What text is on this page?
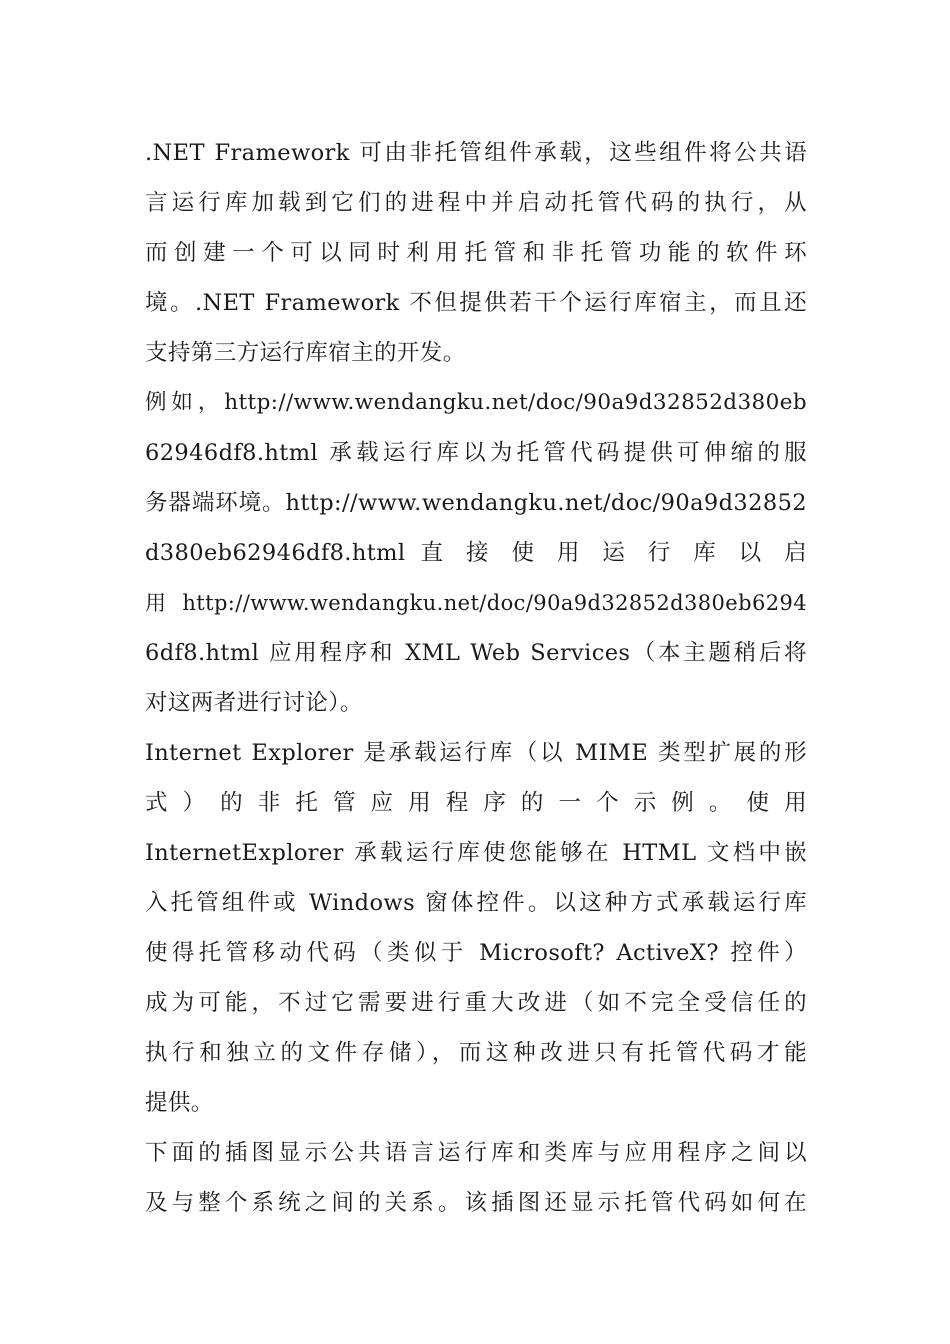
.NET Framework 可由非托管组件承载，这些组件将公共语
言运行库加载到它们的进程中并启动托管代码的执行，从
而创建一个可以同时利用托管和非托管功能的软件环
境。.NET Framework 不但提供若干个运行库宿主，而且还
支持第三方运行库宿主的开发。
例如，http://www.wendangku.net/doc/90a9d32852d380eb
62946df8.html 承载运行库以为托管代码提供可伸缩的服
务器端环境。http://www.wendangku.net/doc/90a9d32852
d380eb62946df8.html 直 接 使 用 运 行 库 以 启
用 http://www.wendangku.net/doc/90a9d32852d380eb6294
6df8.html 应用程序和 XML Web Services（本主题稍后将
对这两者进行讨论）。
Internet Explorer 是承载运行库（以 MIME 类型扩展的形
式 ） 的 非 托 管 应 用 程 序 的 一 个 示 例 。 使 用
InternetExplorer 承载运行库使您能够在 HTML 文档中嵌
入托管组件或 Windows 窗体控件。以这种方式承载运行库
使得托管移动代码（类似于 Microsoft? ActiveX? 控件）
成为可能，不过它需要进行重大改进（如不完全受信任的
执行和独立的文件存储），而这种改进只有托管代码才能
提供。
下面的插图显示公共语言运行库和类库与应用程序之间以
及与整个系统之间的关系。该插图还显示托管代码如何在
